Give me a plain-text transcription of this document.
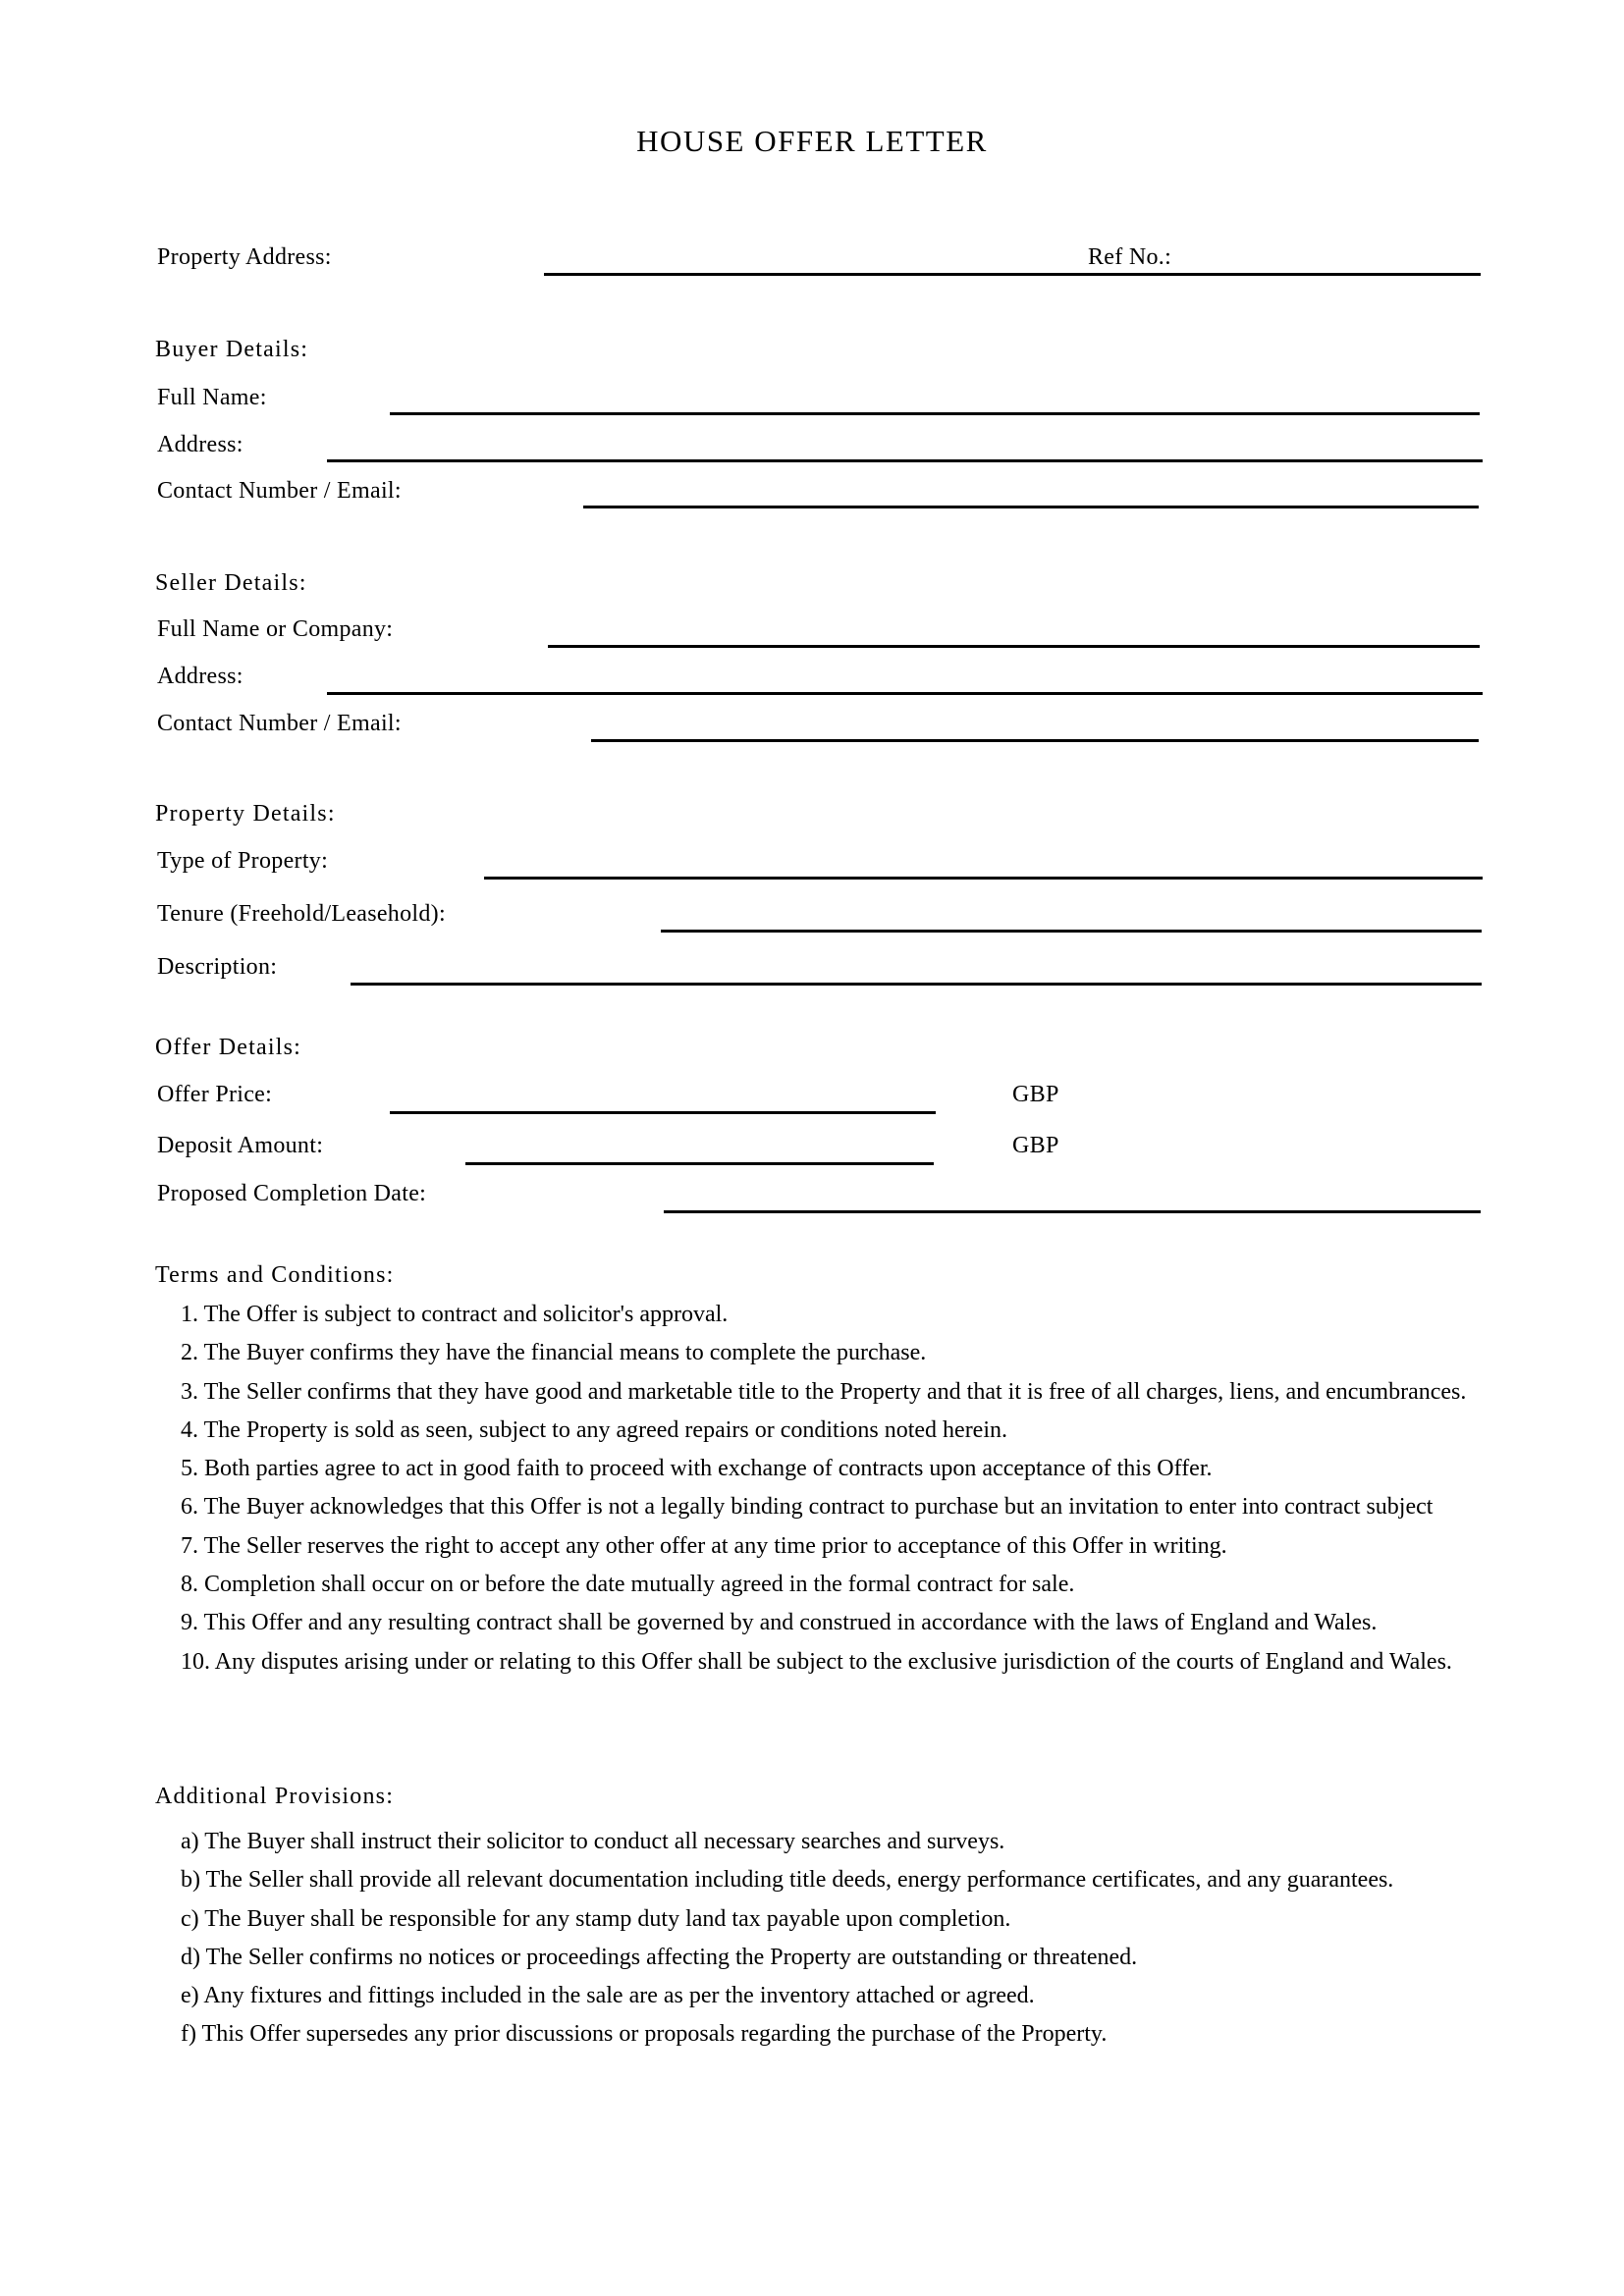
HOUSE OFFER LETTER
Property Address:	Ref No.:
Buyer Details:
Full Name:
Address:
Contact Number / Email:
Seller Details:
Full Name or Company:
Address:
Contact Number / Email:
Property Details:
Type of Property:
Tenure (Freehold/Leasehold):
Description:
Offer Details:
Offer Price:	GBP
Deposit Amount:	GBP
Proposed Completion Date:
Terms and Conditions:
1. The Offer is subject to contract and solicitor's approval.
2. The Buyer confirms they have the financial means to complete the purchase.
3. The Seller confirms that they have good and marketable title to the Property and that it is free of all charges, liens, and encumbrances.
4. The Property is sold as seen, subject to any agreed repairs or conditions noted herein.
5. Both parties agree to act in good faith to proceed with exchange of contracts upon acceptance of this Offer.
6. The Buyer acknowledges that this Offer is not a legally binding contract to purchase but an invitation to enter into contract subject
7. The Seller reserves the right to accept any other offer at any time prior to acceptance of this Offer in writing.
8. Completion shall occur on or before the date mutually agreed in the formal contract for sale.
9. This Offer and any resulting contract shall be governed by and construed in accordance with the laws of England and Wales.
10. Any disputes arising under or relating to this Offer shall be subject to the exclusive jurisdiction of the courts of England and Wales.
Additional Provisions:
a) The Buyer shall instruct their solicitor to conduct all necessary searches and surveys.
b) The Seller shall provide all relevant documentation including title deeds, energy performance certificates, and any guarantees.
c) The Buyer shall be responsible for any stamp duty land tax payable upon completion.
d) The Seller confirms no notices or proceedings affecting the Property are outstanding or threatened.
e) Any fixtures and fittings included in the sale are as per the inventory attached or agreed.
f) This Offer supersedes any prior discussions or proposals regarding the purchase of the Property.
